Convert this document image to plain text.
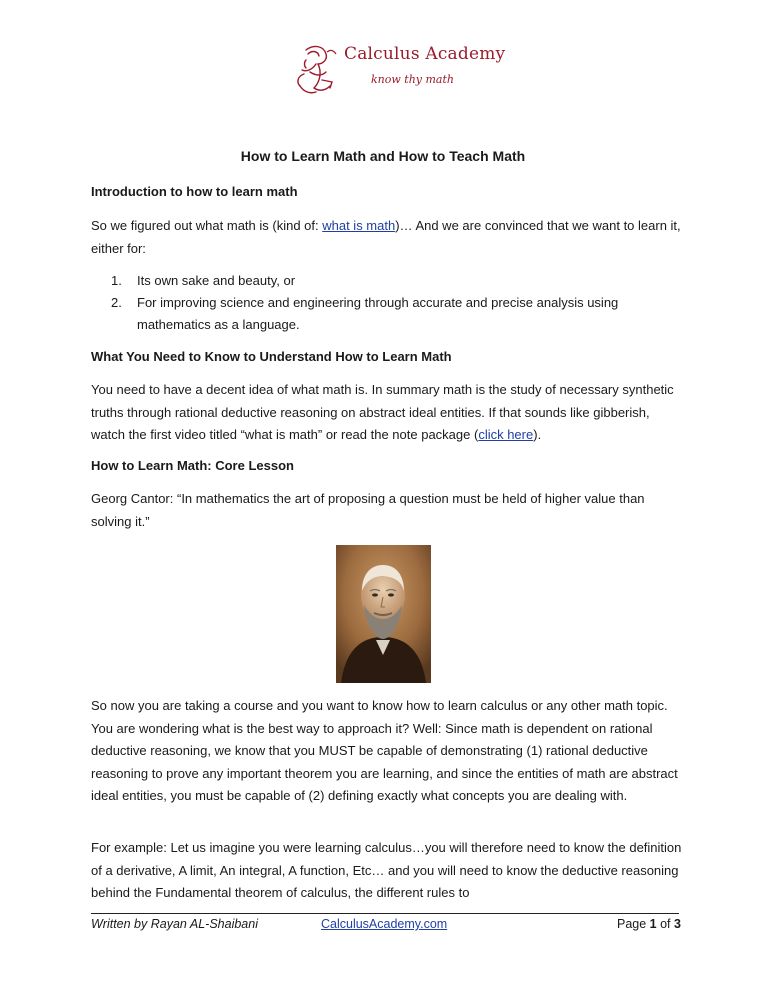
Calculus Academy
know thy math
How to Learn Math and How to Teach Math
Introduction to how to learn math
So we figured out what math is (kind of: what is math)… And we are convinced that we want to learn it, either for:
1. Its own sake and beauty, or
2. For improving science and engineering through accurate and precise analysis using mathematics as a language.
What You Need to Know to Understand How to Learn Math
You need to have a decent idea of what math is. In summary math is the study of necessary synthetic truths through rational deductive reasoning on abstract ideal entities. If that sounds like gibberish, watch the first video titled “what is math” or read the note package (click here).
How to Learn Math: Core Lesson
Georg Cantor: “In mathematics the art of proposing a question must be held of higher value than solving it.”
So now you are taking a course and you want to know how to learn calculus or any other math topic. You are wondering what is the best way to approach it? Well: Since math is dependent on rational deductive reasoning, we know that you MUST be capable of demonstrating (1) rational deductive reasoning to prove any important theorem you are learning, and since the entities of math are abstract ideal entities, you must be capable of (2) defining exactly what concepts you are dealing with.
For example: Let us imagine you were learning calculus…you will therefore need to know the definition of a derivative, A limit, An integral, A function, Etc… and you will need to know the deductive reasoning behind the Fundamental theorem of calculus, the different rules to
Written by Rayan AL-Shaibani	CalculusAcademy.com	Page 1 of 3
